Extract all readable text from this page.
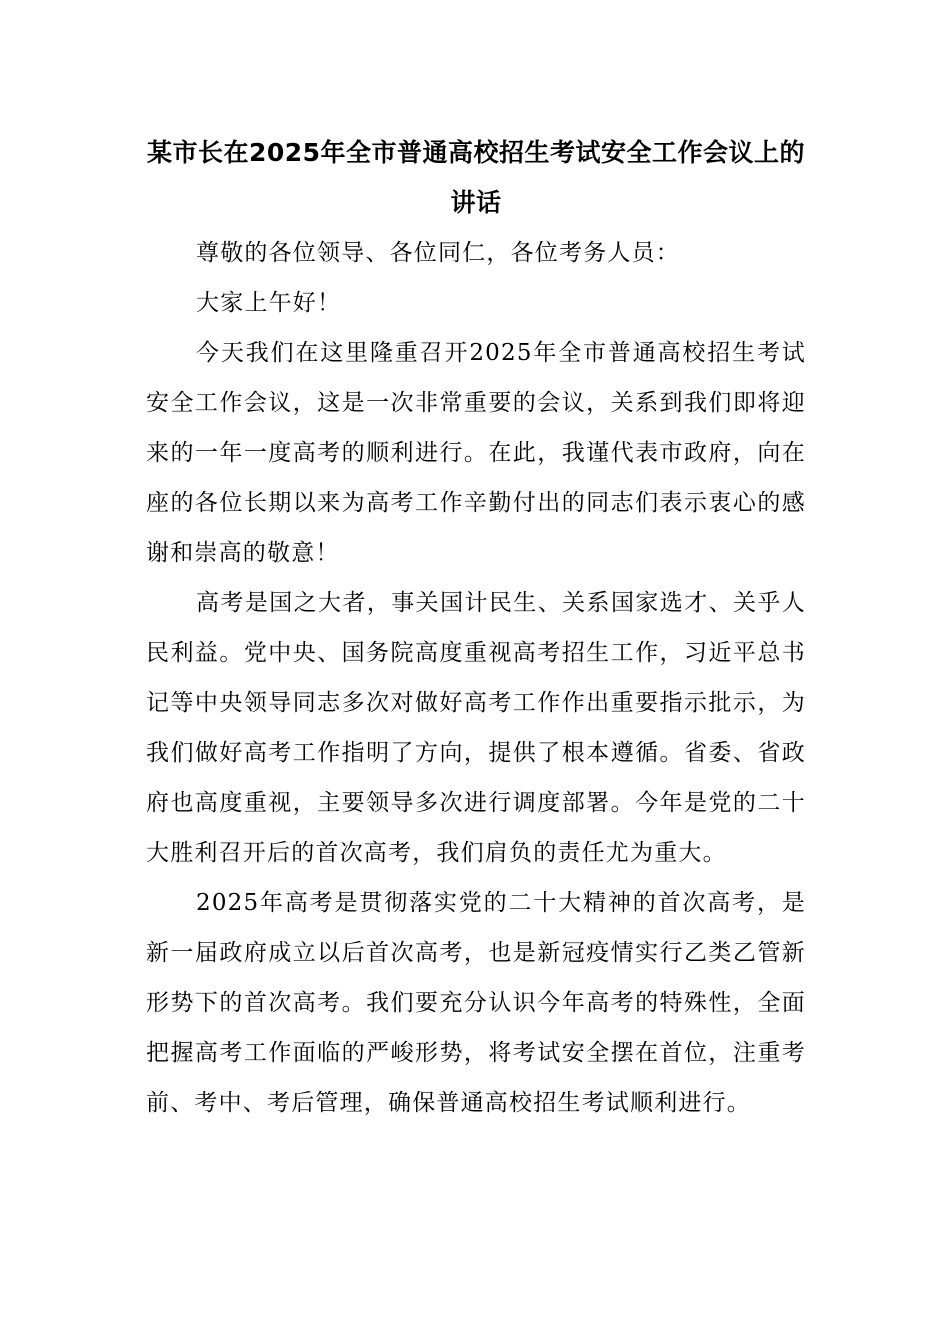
某市长在2025年全市普通高校招生考试安全工作会议上的
讲话

尊敬的各位领导、各位同仁，各位考务人员：

大家上午好！

今天我们在这里隆重召开2025年全市普通高校招生考试安全工作会议，这是一次非常重要的会议，关系到我们即将迎来的一年一度高考的顺利进行。在此，我谨代表市政府，向在座的各位长期以来为高考工作辛勤付出的同志们表示衷心的感谢和崇高的敬意！

高考是国之大者，事关国计民生、关系国家选才、关乎人民利益。党中央、国务院高度重视高考招生工作，习近平总书记等中央领导同志多次对做好高考工作作出重要指示批示，为我们做好高考工作指明了方向，提供了根本遵循。省委、省政府也高度重视，主要领导多次进行调度部署。今年是党的二十大胜利召开后的首次高考，我们肩负的责任尤为重大。

2025年高考是贯彻落实党的二十大精神的首次高考，是新一届政府成立以后首次高考，也是新冠疫情实行乙类乙管新形势下的首次高考。我们要充分认识今年高考的特殊性，全面把握高考工作面临的严峻形势，将考试安全摆在首位，注重考前、考中、考后管理，确保普通高校招生考试顺利进行。
